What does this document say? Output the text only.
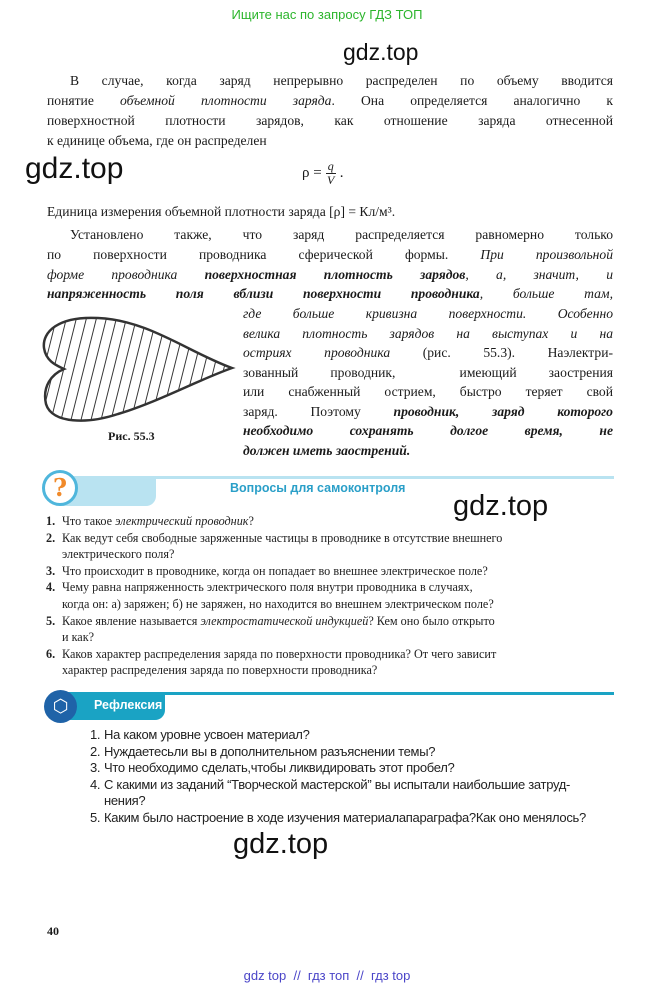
Ищите нас по запросу ГДЗ ТОП
gdz.top
gdz.top
gdz.top
gdz.top
В случае, когда заряд непрерывно распределен по объему вводится
понятие объемной плотности заряда. Она определяется аналогично к
поверхностной плотности зарядов, как отношение заряда отнесенной
к единице объема, где он распределен
Единица измерения объемной плотности заряда [ρ] = Кл/м³.
Установлено также, что заряд распределяется равномерно только
по поверхности проводника сферической формы. При произвольной
форме проводника поверхностная плотность зарядов, а, значит, и
напряженность поля вблизи поверхности проводника, больше там,
где больше кривизна поверхности. Особенно
велика плотность зарядов на выступах и на
остриях проводника (рис. 55.3). Наэлектри-
зованный проводник,  имеющий заострения
или снабженный острием, быстро теряет свой
заряд. Поэтому проводник, заряд которого
необходимо сохранять долгое время, не
должен иметь заострений.
$\rho = \frac{q}{V}$ .
Рис. 55.3
?	Вопросы для самоконтроля
1. Что такое электрический проводник?
2. Как ведут себя свободные заряженные частицы в проводнике в отсутствие внешнего
электрического поля?
3. Что происходит в проводнике, когда он попадает во внешнее электрическое поле?
4. Чему равна напряженность электрического поля внутри проводника в случаях,
когда он: а) заряжен; б) не заряжен, но находится во внешнем электрическом поле?
5. Какое явление называется электростатической индукцией? Кем оно было открыто
и как?
6. Каков характер распределения заряда по поверхности проводника? От чего зависит
характер распределения заряда по поверхности проводника?
⬡	Рефлексия
1. На каком уровне усвоен материал?
2. Нуждаетесьли вы в дополнительном разъяснении темы?
3. Что необходимо сделать,чтобы ликвидировать этот пробел?
4. С какими из заданий “Творческой мастерской” вы испытали наибольшие затруд-
нения?
5. Каким было настроение в ходе изучения материалапараграфа?Как оно менялось?
40
gdz top  //  гдз топ  //  гдз top
